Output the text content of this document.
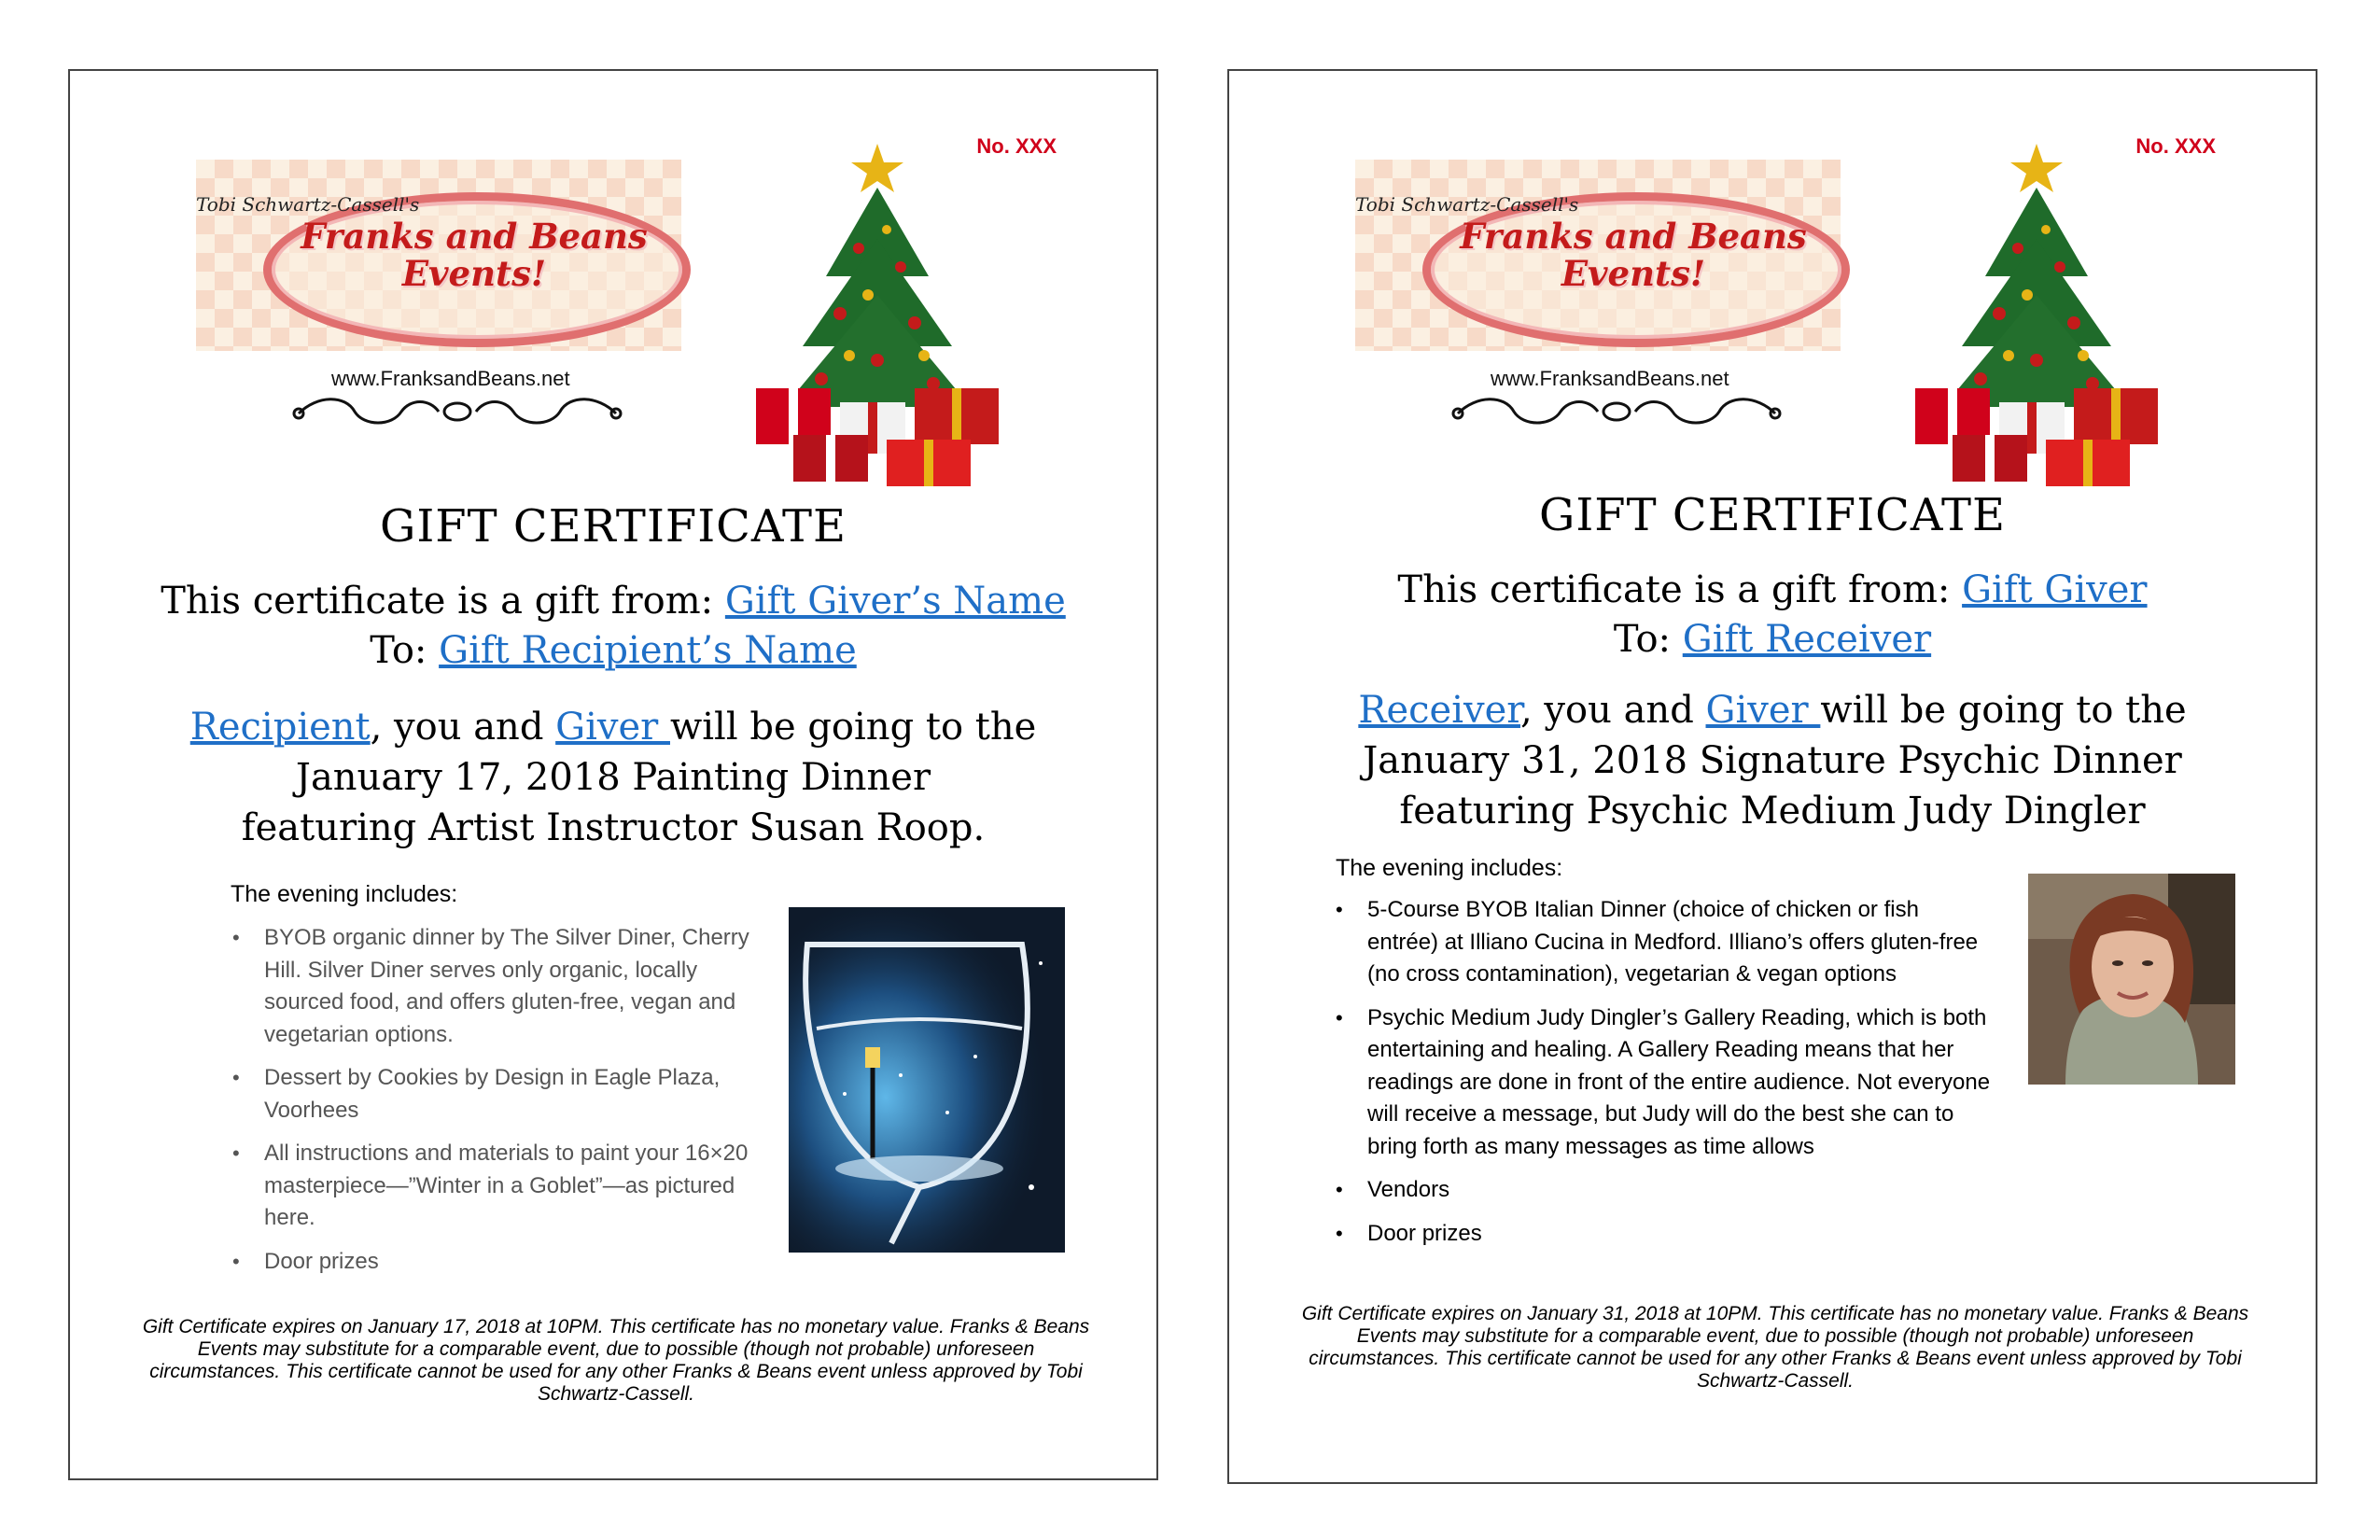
No. XXX
Tobi Schwartz-Cassell's
Franks and Beans
Events!
www.FranksandBeans.net
GIFT CERTIFICATE
This certificate is a gift from: Gift Giver’s Name
To: Gift Recipient’s Name
Recipient, you and Giver will be going to the
January 17, 2018 Painting Dinner
featuring Artist Instructor Susan Roop.
The evening includes:
• BYOB organic dinner by The Silver Diner, Cherry Hill. Silver Diner serves only organic, locally sourced food, and offers gluten-free, vegan and vegetarian options.
• Dessert by Cookies by Design in Eagle Plaza, Voorhees
• All instructions and materials to paint your 16×20 masterpiece—”Winter in a Goblet”—as pictured here.
• Door prizes
Gift Certificate expires on January 17, 2018 at 10PM. This certificate has no monetary value. Franks & Beans Events may substitute for a comparable event, due to possible (though not probable) unforeseen circumstances. This certificate cannot be used for any other Franks & Beans event unless approved by Tobi Schwartz-Cassell.
No. XXX
Tobi Schwartz-Cassell's
Franks and Beans
Events!
www.FranksandBeans.net
GIFT CERTIFICATE
This certificate is a gift from: Gift Giver
To: Gift Receiver
Receiver, you and Giver will be going to the
January 31, 2018 Signature Psychic Dinner
featuring Psychic Medium Judy Dingler
The evening includes:
• 5-Course BYOB Italian Dinner (choice of chicken or fish entrée) at Illiano Cucina in Medford. Illiano’s offers gluten-free (no cross contamination), vegetarian & vegan options
• Psychic Medium Judy Dingler’s Gallery Reading, which is both entertaining and healing. A Gallery Reading means that her readings are done in front of the entire audience. Not everyone will receive a message, but Judy will do the best she can to bring forth as many messages as time allows
• Vendors
• Door prizes
Gift Certificate expires on January 31, 2018 at 10PM. This certificate has no monetary value. Franks & Beans Events may substitute for a comparable event, due to possible (though not probable) unforeseen circumstances. This certificate cannot be used for any other Franks & Beans event unless approved by Tobi Schwartz-Cassell.
